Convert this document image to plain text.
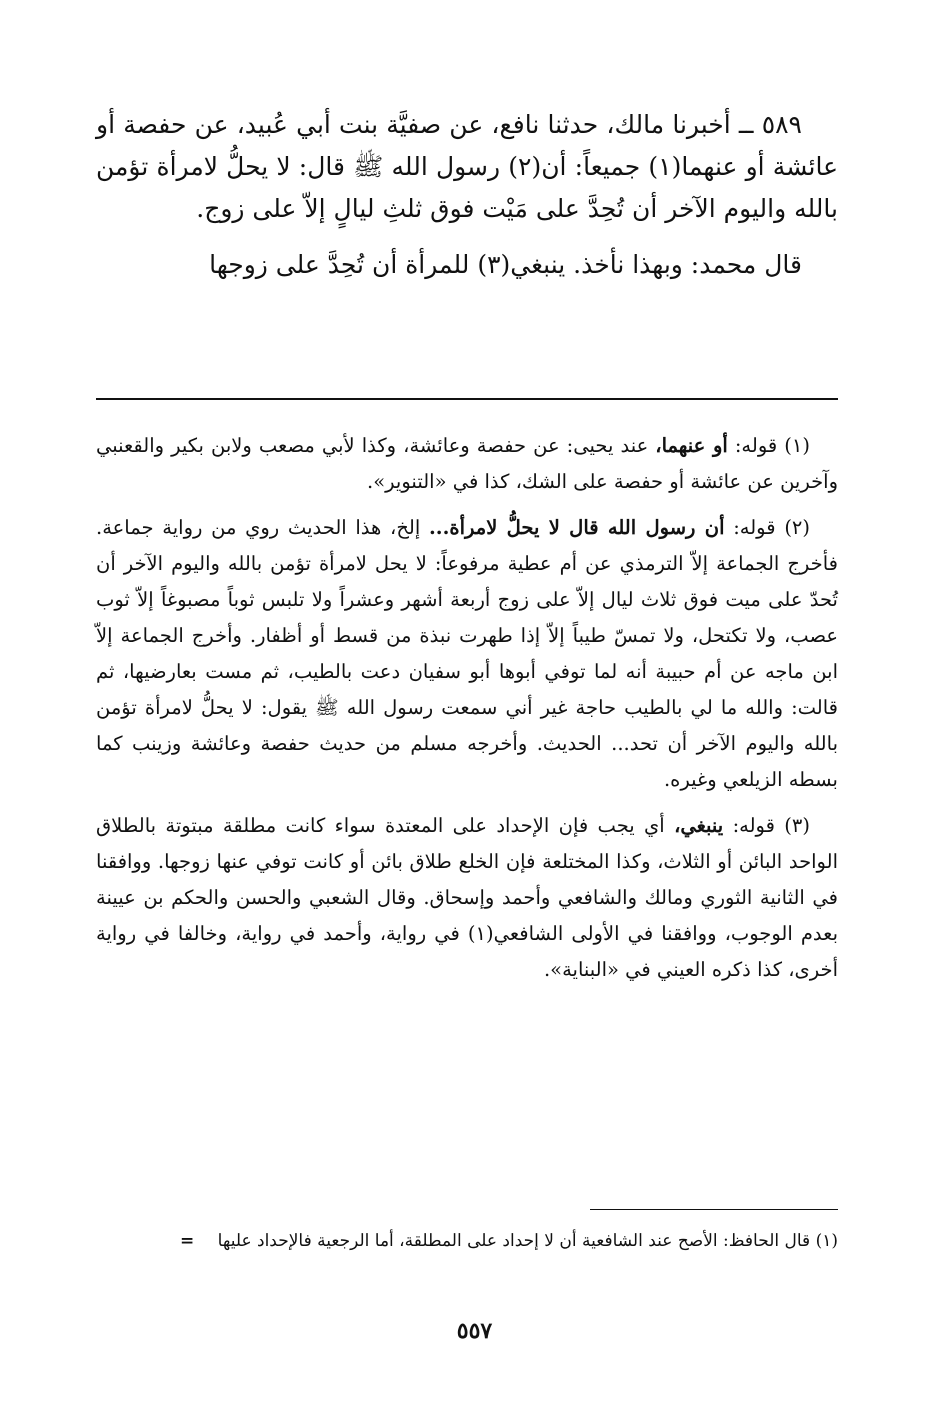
٥٨٩ ــ أخبرنا مالك، حدثنا نافع، عن صفيَّة بنت أبي عُبيد، عن حفصة أو عائشة أو عنهما(١) جميعاً: أن(٢) رسول الله ﷺ قال: لا يحلُّ لامرأة تؤمن بالله واليوم الآخر أن تُحِدَّ على مَيْت فوق ثلثِ ليالٍ إلاّ على زوج.

قال محمد: وبهذا نأخذ. ينبغي(٣) للمرأة أن تُحِدَّ على زوجها

(١) قوله: أو عنهما، عند يحيى: عن حفصة وعائشة، وكذا لأبي مصعب ولابن بكير والقعنبي وآخرين عن عائشة أو حفصة على الشك، كذا في «التنوير».

(٢) قوله: أن رسول الله قال لا يحلُّ لامرأة... إلخ، هذا الحديث روي من رواية جماعة. فأخرج الجماعة إلاّ الترمذي عن أم عطية مرفوعاً: لا يحل لامرأة تؤمن بالله واليوم الآخر أن تُحدّ على ميت فوق ثلاث ليال إلاّ على زوج أربعة أشهر وعشراً ولا تلبس ثوباً مصبوغاً إلاّ ثوب عصب، ولا تكتحل، ولا تمسّ طيباً إلاّ إذا طهرت نبذة من قسط أو أظفار. وأخرج الجماعة إلاّ ابن ماجه عن أم حبيبة أنه لما توفي أبوها أبو سفيان دعت بالطيب، ثم مست بعارضيها، ثم قالت: والله ما لي بالطيب حاجة غير أني سمعت رسول الله ﷺ يقول: لا يحلُّ لامرأة تؤمن بالله واليوم الآخر أن تحد... الحديث. وأخرجه مسلم من حديث حفصة وعائشة وزينب كما بسطه الزيلعي وغيره.

(٣) قوله: ينبغي، أي يجب فإن الإحداد على المعتدة سواء كانت مطلقة مبتوتة بالطلاق الواحد البائن أو الثلاث، وكذا المختلعة فإن الخلع طلاق بائن أو كانت توفي عنها زوجها. ووافقنا في الثانية الثوري ومالك والشافعي وأحمد وإسحاق. وقال الشعبي والحسن والحكم بن عيينة بعدم الوجوب، ووافقنا في الأولى الشافعي(١) في رواية، وأحمد في رواية، وخالفا في رواية أخرى، كذا ذكره العيني في «البناية».

(١) قال الحافظ: الأصح عند الشافعية أن لا إحداد على المطلقة، أما الرجعية فالإحداد عليها =
٥٥٧
